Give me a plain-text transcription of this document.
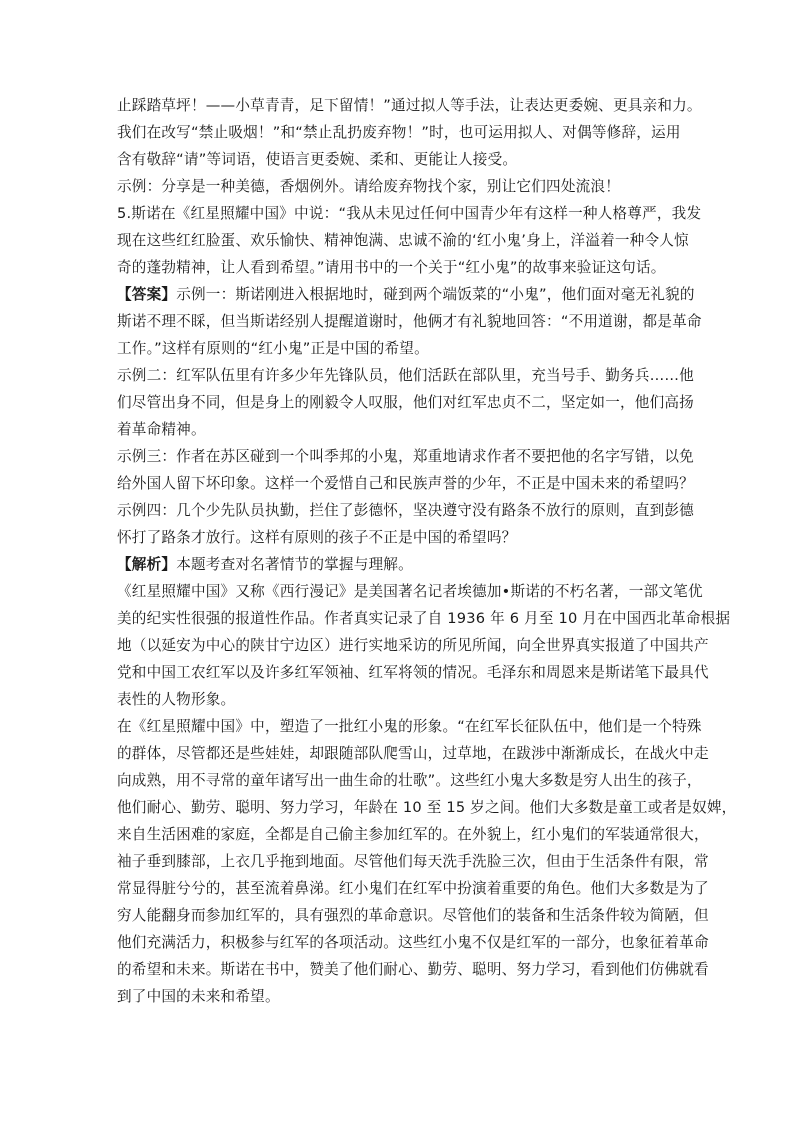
止踩踏草坪！——小草青青，足下留情！”通过拟人等手法，让表达更委婉、更具亲和力。
我们在改写“禁止吸烟！”和“禁止乱扔废弃物！”时，也可运用拟人、对偶等修辞，运用
含有敬辞“请”等词语，使语言更委婉、柔和、更能让人接受。
示例：分享是一种美德，香烟例外。请给废弃物找个家，别让它们四处流浪！
5.斯诺在《红星照耀中国》中说：“我从未见过任何中国青少年有这样一种人格尊严，我发
现在这些红红脸蛋、欢乐愉快、精神饱满、忠诚不渝的‘红小鬼’身上，洋溢着一种令人惊
奇的蓬勃精神，让人看到希望。”请用书中的一个关于“红小鬼”的故事来验证这句话。
【答案】示例一：斯诺刚进入根据地时，碰到两个端饭菜的“小鬼”，他们面对毫无礼貌的
斯诺不理不睬，但当斯诺经别人提醒道谢时，他俩才有礼貌地回答：“不用道谢，都是革命
工作。”这样有原则的“红小鬼”正是中国的希望。
示例二：红军队伍里有许多少年先锋队员，他们活跃在部队里，充当号手、勤务兵……他
们尽管出身不同，但是身上的刚毅令人叹服，他们对红军忠贞不二，坚定如一，他们高扬
着革命精神。
示例三：作者在苏区碰到一个叫季邦的小鬼，郑重地请求作者不要把他的名字写错，以免
给外国人留下坏印象。这样一个爱惜自己和民族声誉的少年，不正是中国未来的希望吗？
示例四：几个少先队员执勤，拦住了彭德怀，坚决遵守没有路条不放行的原则，直到彭德
怀打了路条才放行。这样有原则的孩子不正是中国的希望吗？
【解析】本题考查对名著情节的掌握与理解。
《红星照耀中国》又称《西行漫记》是美国著名记者埃德加•斯诺的不朽名著，一部文笔优
美的纪实性很强的报道性作品。作者真实记录了自 1936 年 6 月至 10 月在中国西北革命根据
地（以延安为中心的陕甘宁边区）进行实地采访的所见所闻，向全世界真实报道了中国共产
党和中国工农红军以及许多红军领袖、红军将领的情况。毛泽东和周恩来是斯诺笔下最具代
表性的人物形象。
在《红星照耀中国》中，塑造了一批红小鬼的形象。“在红军长征队伍中，他们是一个特殊
的群体，尽管都还是些娃娃，却跟随部队爬雪山，过草地，在跋涉中渐渐成长，在战火中走
向成熟，用不寻常的童年诸写出一曲生命的壮歌”。这些红小鬼大多数是穷人出生的孩子，
他们耐心、勤劳、聪明、努力学习，年龄在 10 至 15 岁之间。他们大多数是童工或者是奴婢，
来自生活困难的家庭，全都是自己偷主参加红军的。在外貌上，红小鬼们的军装通常很大，
袖子垂到膝部，上衣几乎拖到地面。尽管他们每天洗手洗脸三次，但由于生活条件有限，常
常显得脏兮兮的，甚至流着鼻涕。红小鬼们在红军中扮演着重要的角色。他们大多数是为了
穷人能翻身而参加红军的，具有强烈的革命意识。尽管他们的装备和生活条件较为简陋，但
他们充满活力，积极参与红军的各项活动。这些红小鬼不仅是红军的一部分，也象征着革命
的希望和未来。斯诺在书中，赞美了他们耐心、勤劳、聪明、努力学习，看到他们仿佛就看
到了中国的未来和希望。
